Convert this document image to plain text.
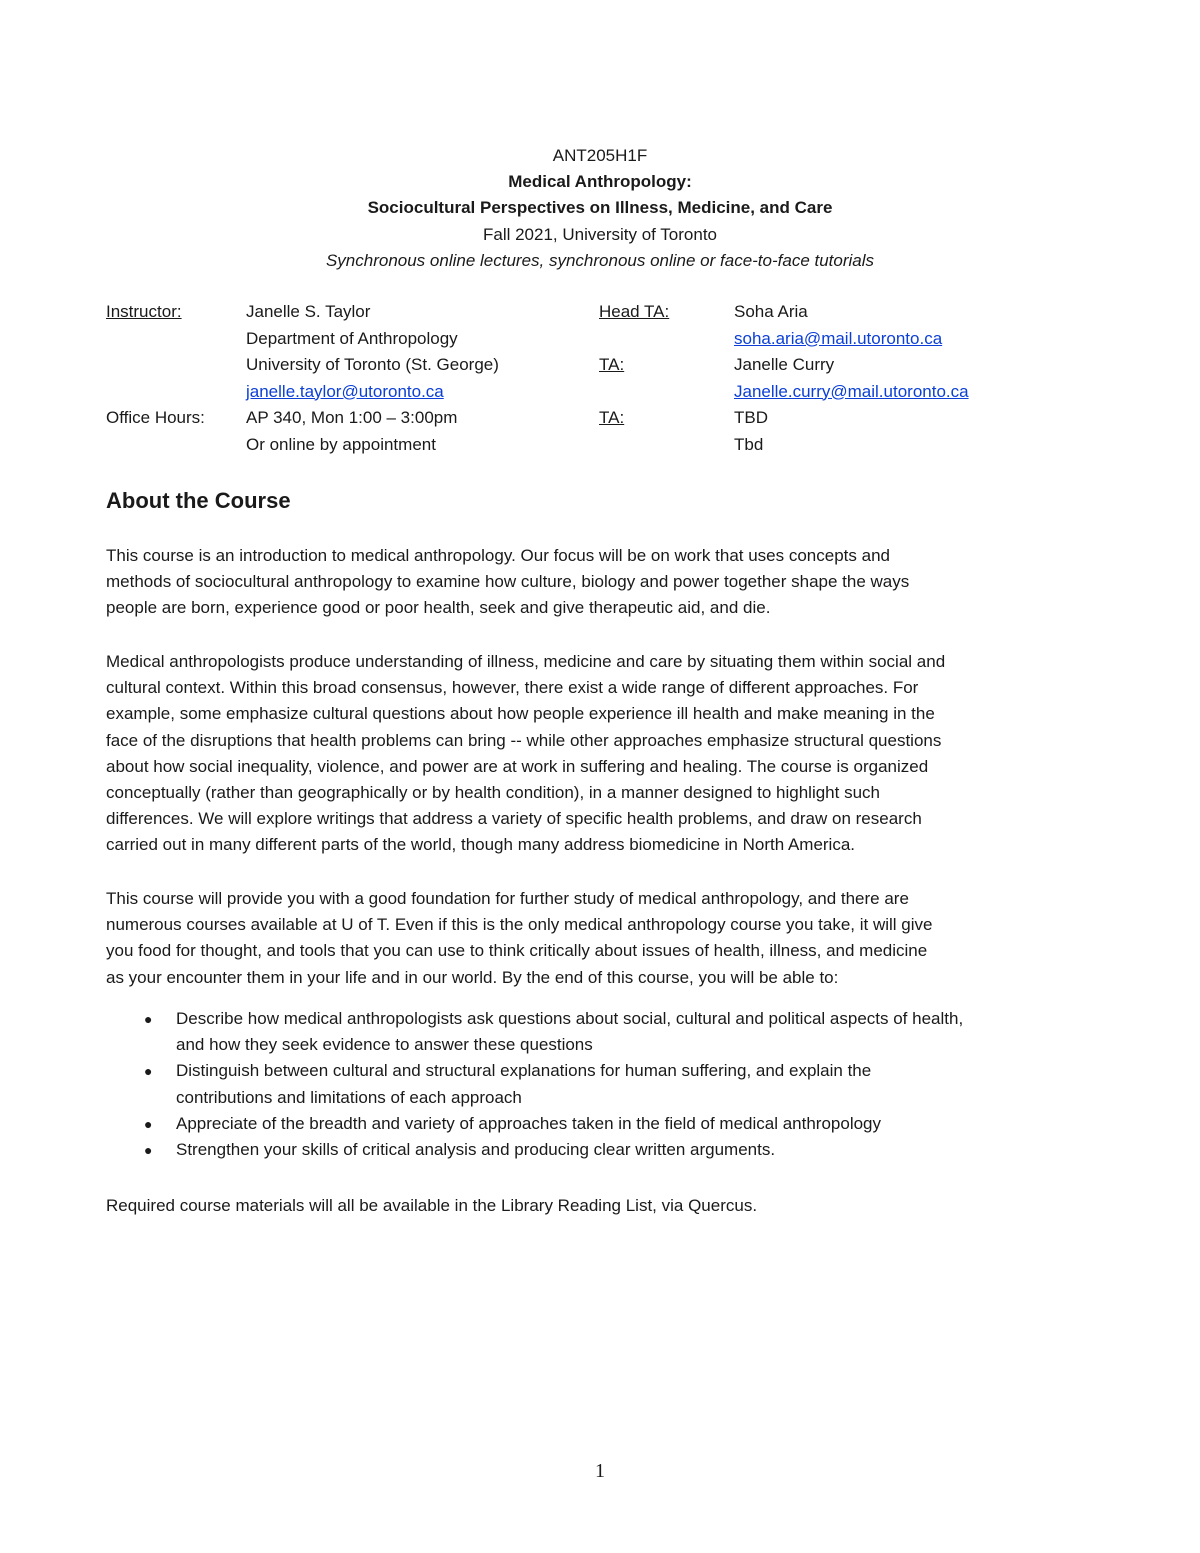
ANT205H1F
Medical Anthropology:
Sociocultural Perspectives on Illness, Medicine, and Care
Fall 2021, University of Toronto
Synchronous online lectures, synchronous online or face-to-face tutorials
Instructor:

Office Hours:
Janelle S. Taylor
Department of Anthropology
University of Toronto (St. George)
janelle.taylor@utoronto.ca
AP 340, Mon 1:00 – 3:00pm
Or online by appointment
Head TA:

TA:

TA:
Soha Aria
soha.aria@mail.utoronto.ca
Janelle Curry
Janelle.curry@mail.utoronto.ca
TBD
Tbd
About the Course
This course is an introduction to medical anthropology. Our focus will be on work that uses concepts and
methods of sociocultural anthropology to examine how culture, biology and power together shape the ways
people are born, experience good or poor health, seek and give therapeutic aid, and die.
Medical anthropologists produce understanding of illness, medicine and care by situating them within social and
cultural context. Within this broad consensus, however, there exist a wide range of different approaches. For
example, some emphasize cultural questions about how people experience ill health and make meaning in the
face of the disruptions that health problems can bring -- while other approaches emphasize structural questions
about how social inequality, violence, and power are at work in suffering and healing. The course is organized
conceptually (rather than geographically or by health condition), in a manner designed to highlight such
differences. We will explore writings that address a variety of specific health problems, and draw on research
carried out in many different parts of the world, though many address biomedicine in North America.
This course will provide you with a good foundation for further study of medical anthropology, and there are
numerous courses available at U of T. Even if this is the only medical anthropology course you take, it will give
you food for thought, and tools that you can use to think critically about issues of health, illness, and medicine
as your encounter them in your life and in our world. By the end of this course, you will be able to:
● Describe how medical anthropologists ask questions about social, cultural and political aspects of health,
and how they seek evidence to answer these questions
● Distinguish between cultural and structural explanations for human suffering, and explain the
contributions and limitations of each approach
● Appreciate of the breadth and variety of approaches taken in the field of medical anthropology
● Strengthen your skills of critical analysis and producing clear written arguments.
Required course materials will all be available in the Library Reading List, via Quercus.
1
